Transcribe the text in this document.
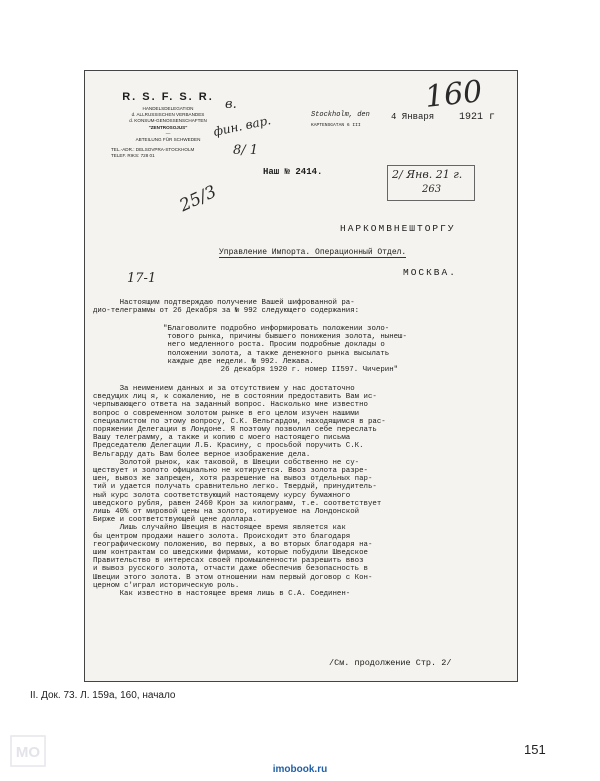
R. S. F. S. R.
HANDELSDELEGATION
d. ALLRUSSISCHEN VERBANDES
d. KONSUM-GENOSSENSCHAFTEN
"ZENTROSOJUS"
—
ABTEILUNG FÜR SCHWEDEN
TEL.-ADR.: DELSOVPRA-STOCKHOLM
TELEF. RIKS: 728 01
в.
фин. вар.
8/ 1
25/3
160
17-1
Stockholm, den
KAPTENSGATAN 6 III
4 Января 1921 г
Наш № 2414.	2/ Янв. 21 г.
263
НАРКОМВНЕШТОРГУ
Управление Импорта. Операционный Отдел.
МОСКВА.
Настоящим подтверждаю получение Вашей шифрованной ра-
дио-телеграммы от 26 Декабря за № 992 следующего содержания:
"Благоволите подробно информировать положении золо-
тового рынка, причины бывшего понижения золота, нынеш-
него медленного роста. Просим подробные доклады о
положении золота, а также денежного рынка высылать
каждые две недели. № 992. Лежава.
26 декабря 1920 г. номер II597. Чичерин"
За неимением данных и за отсутствием у нас достаточно
сведущих лиц я, к сожалению, не в состоянии предоставить Вам ис-
черпывающего ответа на заданный вопрос. Насколько мне известно
вопрос о современном золотом рынке в его целом изучен нашими
специалистом по этому вопросу, С.К. Вельгардом, находящимся в рас-
поряжении Делегации в Лондоне. Я поэтому позволил себе переслать
Вашу телеграмму, а также и копию с моего настоящего письма
Председателю Делегации Л.Б. Красину, с просьбой поручить С.К.
Вельгарду дать Вам более верное изображение дела.
Золотой рынок, как таковой, в Швеции собственно не су-
ществует и золото официально не котируется. Ввоз золота разре-
шен, вывоз же запрещен, хотя разрешение на вывоз отдельных пар-
тий и удается получать сравнительно легко. Твердый, принудитель-
ный курс золота соответствующий настоящему курсу бумажного
шведского рубля, равен 2460 Крон за килограмм, т.е. соответствует
лишь 40% от мировой цены на золото, котируемое на Лондонской
Бирже и соответствующей цене доллара.
Лишь случайно Швеция в настоящее время является как
бы центром продажи нашего золота. Происходит это благодаря
географическому положению, во первых, а во вторых благодаря на-
шим контрактам со шведскими фирмами, которые побудили Шведское
Правительство в интересах своей промышленности разрешить ввоз
и вывоз русского золота, отчасти даже обеспечив безопасность в
Швеции этого золота. В этом отношении нам первый договор с Кон-
церном с'играл историческую роль.
Как известно в настоящее время лишь в С.А. Соединен-
/См. продолжение Стр. 2/
II. Док. 73. Л. 159а, 160, начало
151
MO
imobook.ru
